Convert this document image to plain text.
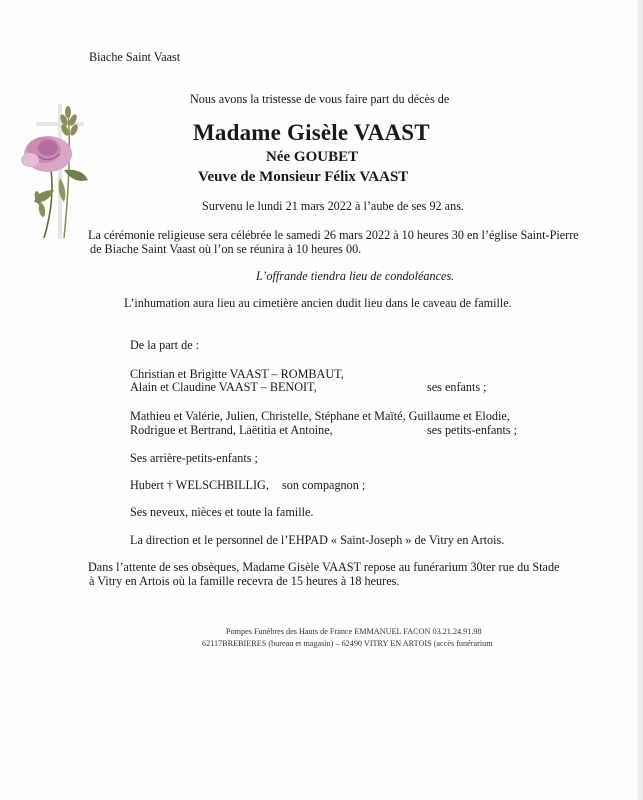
Biache Saint Vaast
Nous avons la tristesse de vous faire part du décès de
Madame Gisèle VAAST
Née GOUBET
Veuve de Monsieur Félix VAAST
Survenu le lundi 21 mars 2022 à l’aube de ses 92 ans.
La cérémonie religieuse sera célébrée le samedi 26 mars 2022 à 10 heures 30 en l’église Saint-Pierre
de Biache Saint Vaast où l’on se réunira à 10 heures 00.
L’offrande tiendra lieu de condoléances.
L’inhumation aura lieu au cimetière ancien dudit lieu dans le caveau de famille.
De la part de :
Christian et Brigitte VAAST – ROMBAUT,
Alain et Claudine VAAST – BENOIT,	ses enfants ;
Mathieu et Valérie, Julien, Christelle, Stéphane et Maïté, Guillaume et Elodie,
Rodrigue et Bertrand, Laëtitia et Antoine,	ses petits-enfants ;
Ses arrière-petits-enfants ;
Hubert † WELSCHBILLIG, son compagnon ;
Ses neveux, nièces et toute la famille.
La direction et le personnel de l’EHPAD « Saint-Joseph » de Vitry en Artois.
Dans l’attente de ses obsèques, Madame Gisèle VAAST repose au funérarium 30ter rue du Stade
à Vitry en Artois où la famille recevra de 15 heures à 18 heures.
Pompes Funèbres des Hauts de France EMMANUEL FACON 03.21.24.91.98
62117BREBIERES (bureau et magasin) – 62490 VITRY EN ARTOIS (accès funérarium
